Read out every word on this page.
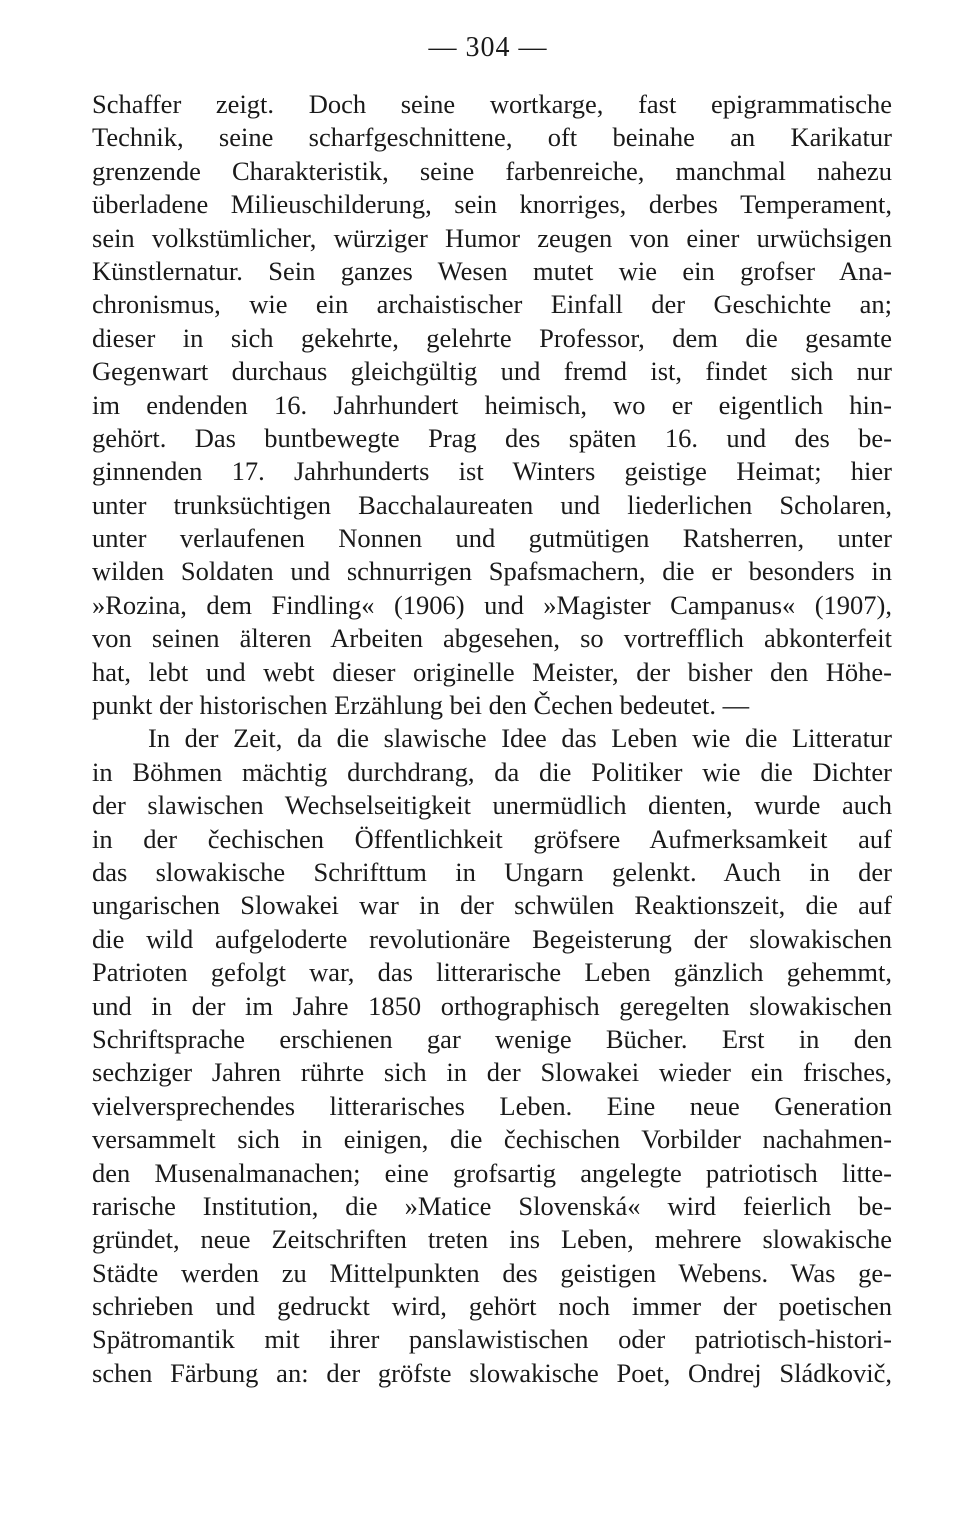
— 304 —
Schaffer zeigt. Doch seine wortkarge, fast epigrammatische
Technik, seine scharfgeschnittene, oft beinahe an Karikatur
grenzende Charakteristik, seine farbenreiche, manchmal nahezu
überladene Milieuschilderung, sein knorriges, derbes Temperament,
sein volkstümlicher, würziger Humor zeugen von einer urwüchsigen
Künstlernatur. Sein ganzes Wesen mutet wie ein grofser Ana-
chronismus, wie ein archaistischer Einfall der Geschichte an;
dieser in sich gekehrte, gelehrte Professor, dem die gesamte
Gegenwart durchaus gleichgültig und fremd ist, findet sich nur
im endenden 16. Jahrhundert heimisch, wo er eigentlich hin-
gehört. Das buntbewegte Prag des späten 16. und des be-
ginnenden 17. Jahrhunderts ist Winters geistige Heimat; hier
unter trunksüchtigen Bacchalaureaten und liederlichen Scholaren,
unter verlaufenen Nonnen und gutmütigen Ratsherren, unter
wilden Soldaten und schnurrigen Spafsmachern, die er besonders in
»Rozina, dem Findling« (1906) und »Magister Campanus« (1907),
von seinen älteren Arbeiten abgesehen, so vortrefflich abkonterfeit
hat, lebt und webt dieser originelle Meister, der bisher den Höhe-
punkt der historischen Erzählung bei den Čechen bedeutet. —
In der Zeit, da die slawische Idee das Leben wie die Litteratur
in Böhmen mächtig durchdrang, da die Politiker wie die Dichter
der slawischen Wechselseitigkeit unermüdlich dienten, wurde auch
in der čechischen Öffentlichkeit gröfsere Aufmerksamkeit auf
das slowakische Schrifttum in Ungarn gelenkt. Auch in der
ungarischen Slowakei war in der schwülen Reaktionszeit, die auf
die wild aufgeloderte revolutionäre Begeisterung der slowakischen
Patrioten gefolgt war, das litterarische Leben gänzlich gehemmt,
und in der im Jahre 1850 orthographisch geregelten slowakischen
Schriftsprache erschienen gar wenige Bücher. Erst in den
sechziger Jahren rührte sich in der Slowakei wieder ein frisches,
vielversprechendes litterarisches Leben. Eine neue Generation
versammelt sich in einigen, die čechischen Vorbilder nachahmen-
den Musenalmanachen; eine grofsartig angelegte patriotisch litte-
rarische Institution, die »Matice Slovenská« wird feierlich be-
gründet, neue Zeitschriften treten ins Leben, mehrere slowakische
Städte werden zu Mittelpunkten des geistigen Webens. Was ge-
schrieben und gedruckt wird, gehört noch immer der poetischen
Spätromantik mit ihrer panslawistischen oder patriotisch-histori-
schen Färbung an: der gröfste slowakische Poet, Ondrej Sládkovič,
